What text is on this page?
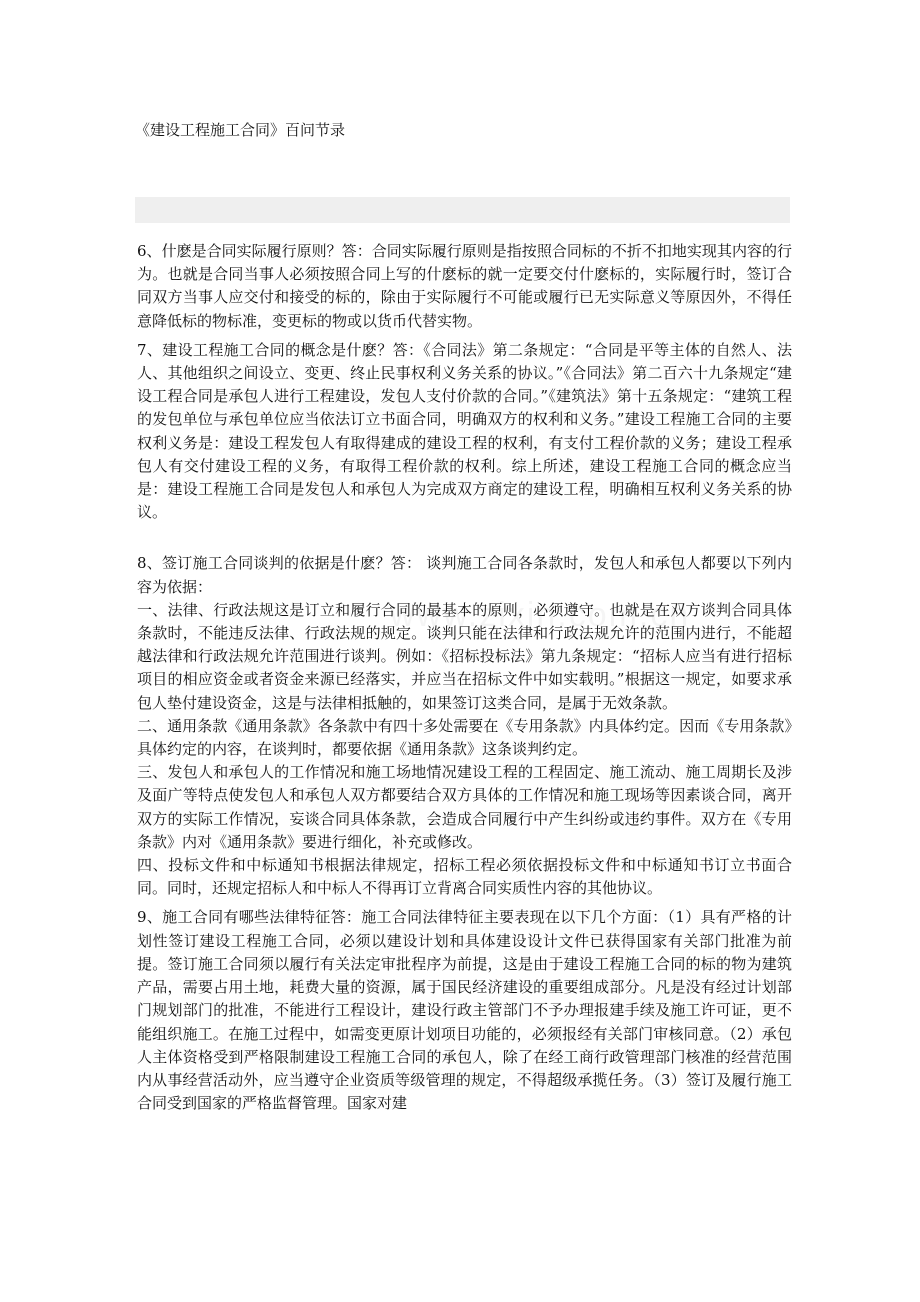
《建设工程施工合同》百问节录

6、什麽是合同实际履行原则？答：合同实际履行原则是指按照合同标的不折不扣地实现其内容的行为。也就是合同当事人必须按照合同上写的什麽标的就一定要交付什麽标的，实际履行时，签订合同双方当事人应交付和接受的标的，除由于实际履行不可能或履行已无实际意义等原因外，不得任意降低标的物标准，变更标的物或以货币代替实物。

7、建设工程施工合同的概念是什麽？答：《合同法》第二条规定：“合同是平等主体的自然人、法人、其他组织之间设立、变更、终止民事权利义务关系的协议。”《合同法》第二百六十九条规定“建设工程合同是承包人进行工程建设，发包人支付价款的合同。”《建筑法》第十五条规定：“建筑工程的发包单位与承包单位应当依法订立书面合同，明确双方的权利和义务。”建设工程施工合同的主要权利义务是：建设工程发包人有取得建成的建设工程的权利，有支付工程价款的义务；建设工程承包人有交付建设工程的义务，有取得工程价款的权利。综上所述，建设工程施工合同的概念应当是：建设工程施工合同是发包人和承包人为完成双方商定的建设工程，明确相互权利义务关系的协议。

8、签订施工合同谈判的依据是什麽？答： 谈判施工合同各条款时，发包人和承包人都要以下列内容为依据：

一、法律、行政法规这是订立和履行合同的最基本的原则，必须遵守。也就是在双方谈判合同具体条款时，不能违反法律、行政法规的规定。谈判只能在法律和行政法规允许的范围内进行，不能超越法律和行政法规允许范围进行谈判。例如：《招标投标法》第九条规定：“招标人应当有进行招标项目的相应资金或者资金来源已经落实，并应当在招标文件中如实载明。”根据这一规定，如要求承包人垫付建设资金，这是与法律相抵触的，如果签订这类合同，是属于无效条款。

二、通用条款《通用条款》各条款中有四十多处需要在《专用条款》内具体约定。因而《专用条款》具体约定的内容，在谈判时，都要依据《通用条款》这条谈判约定。

三、发包人和承包人的工作情况和施工场地情况建设工程的工程固定、施工流动、施工周期长及涉及面广等特点使发包人和承包人双方都要结合双方具体的工作情况和施工现场等因素谈合同，离开双方的实际工作情况，妄谈合同具体条款，会造成合同履行中产生纠纷或违约事件。双方在《专用条款》内对《通用条款》要进行细化，补充或修改。

四、投标文件和中标通知书根据法律规定，招标工程必须依据投标文件和中标通知书订立书面合同。同时，还规定招标人和中标人不得再订立背离合同实质性内容的其他协议。

9、施工合同有哪些法律特征答：施工合同法律特征主要表现在以下几个方面：（1）具有严格的计划性签订建设工程施工合同，必须以建设计划和具体建设设计文件已获得国家有关部门批准为前提。签订施工合同须以履行有关法定审批程序为前提，这是由于建设工程施工合同的标的物为建筑产品，需要占用土地，耗费大量的资源，属于国民经济建设的重要组成部分。凡是没有经过计划部门规划部门的批准，不能进行工程设计，建设行政主管部门不予办理报建手续及施工许可证，更不能组织施工。在施工过程中，如需变更原计划项目功能的，必须报经有关部门审核同意。（2）承包人主体资格受到严格限制建设工程施工合同的承包人，除了在经工商行政管理部门核准的经营范围内从事经营活动外，应当遵守企业资质等级管理的规定，不得超级承揽任务。（3）签订及履行施工合同受到国家的严格监督管理。国家对建
